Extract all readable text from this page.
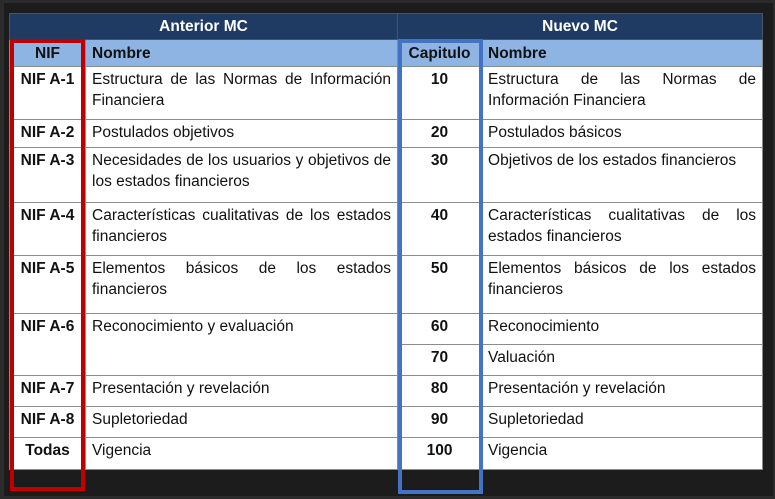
Anterior MC		Nuevo MC	
NIF	Nombre	Capitulo	Nombre
NIF A-1	Estructura de las Normas de Información Financiera	10	Estructura de las Normas de Información Financiera
NIF A-2	Postulados objetivos	20	Postulados básicos
NIF A-3	Necesidades de los usuarios y objetivos de los estados financieros	30	Objetivos de los estados financieros
NIF A-4	Características cualitativas de los estados financieros	40	Características cualitativas de los estados financieros
NIF A-5	Elementos básicos de los estados financieros	50	Elementos básicos de los estados financieros
NIF A-6	Reconocimiento y evaluación	60	Reconocimiento
		70	Valuación
NIF A-7	Presentación y revelación	80	Presentación y revelación
NIF A-8	Supletoriedad	90	Supletoriedad
Todas	Vigencia	100	Vigencia
